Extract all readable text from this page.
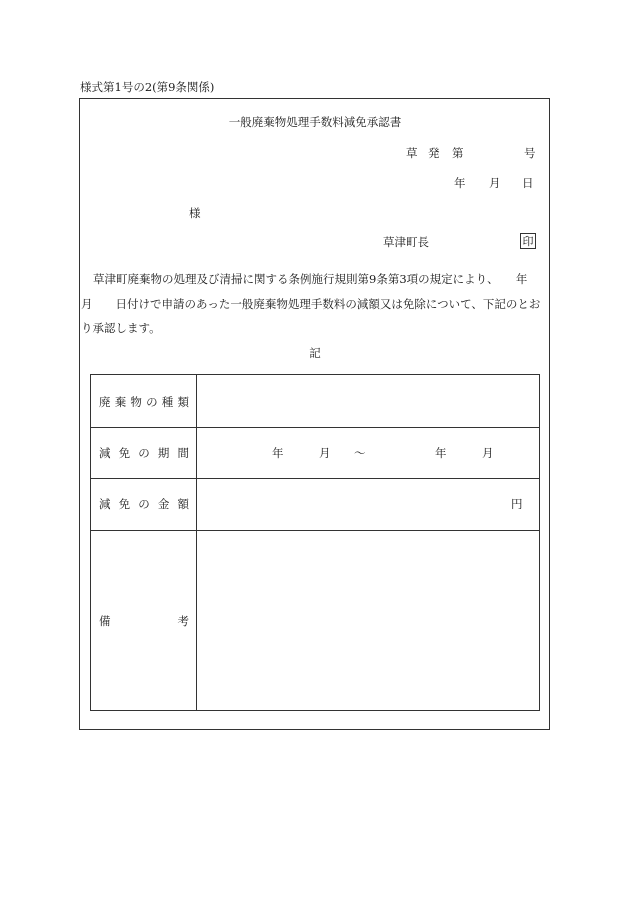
様式第1号の2(第9条関係)
一般廃棄物処理手数料減免承認書
草 発 第	号
年 月 日
様
草津町長	印
草津町廃棄物の処理及び清掃に関する条例施行規則第9条第3項の規定により、　　年　　月　　日付けで申請のあった一般廃棄物処理手数料の減額又は免除について、下記のとおり承認します。
記
廃 棄 物 の 種 類
減 免 の 期 間	年	月 〜	年	月
減 免 の 金 額	円
備	考
